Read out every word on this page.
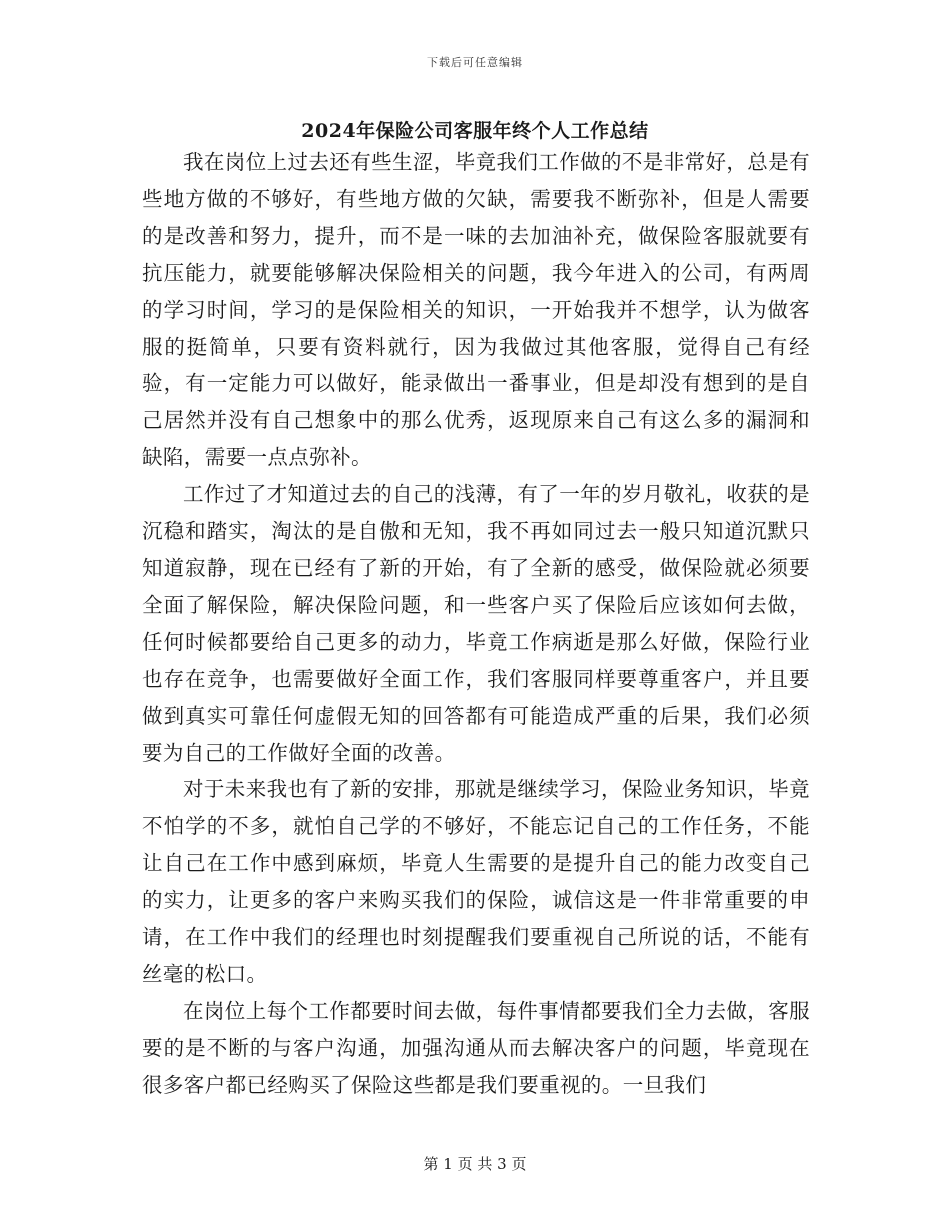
下载后可任意编辑
2024年保险公司客服年终个人工作总结

我在岗位上过去还有些生涩，毕竟我们工作做的不是非常好，总是有些地方做的不够好，有些地方做的欠缺，需要我不断弥补，但是人需要的是改善和努力，提升，而不是一味的去加油补充，做保险客服就要有抗压能力，就要能够解决保险相关的问题，我今年进入的公司，有两周的学习时间，学习的是保险相关的知识，一开始我并不想学，认为做客服的挺简单，只要有资料就行，因为我做过其他客服，觉得自己有经验，有一定能力可以做好，能录做出一番事业，但是却没有想到的是自己居然并没有自己想象中的那么优秀，返现原来自己有这么多的漏洞和缺陷，需要一点点弥补。

工作过了才知道过去的自己的浅薄，有了一年的岁月敬礼，收获的是沉稳和踏实，淘汰的是自傲和无知，我不再如同过去一般只知道沉默只知道寂静，现在已经有了新的开始，有了全新的感受，做保险就必须要全面了解保险，解决保险问题，和一些客户买了保险后应该如何去做，任何时候都要给自己更多的动力，毕竟工作病逝是那么好做，保险行业也存在竞争，也需要做好全面工作，我们客服同样要尊重客户，并且要做到真实可靠任何虚假无知的回答都有可能造成严重的后果，我们必须要为自己的工作做好全面的改善。

对于未来我也有了新的安排，那就是继续学习，保险业务知识，毕竟不怕学的不多，就怕自己学的不够好，不能忘记自己的工作任务，不能让自己在工作中感到麻烦，毕竟人生需要的是提升自己的能力改变自己的实力，让更多的客户来购买我们的保险，诚信这是一件非常重要的申请，在工作中我们的经理也时刻提醒我们要重视自己所说的话，不能有丝毫的松口。

在岗位上每个工作都要时间去做，每件事情都要我们全力去做，客服要的是不断的与客户沟通，加强沟通从而去解决客户的问题，毕竟现在很多客户都已经购买了保险这些都是我们要重视的。一旦我们

第 1 页 共 3 页
